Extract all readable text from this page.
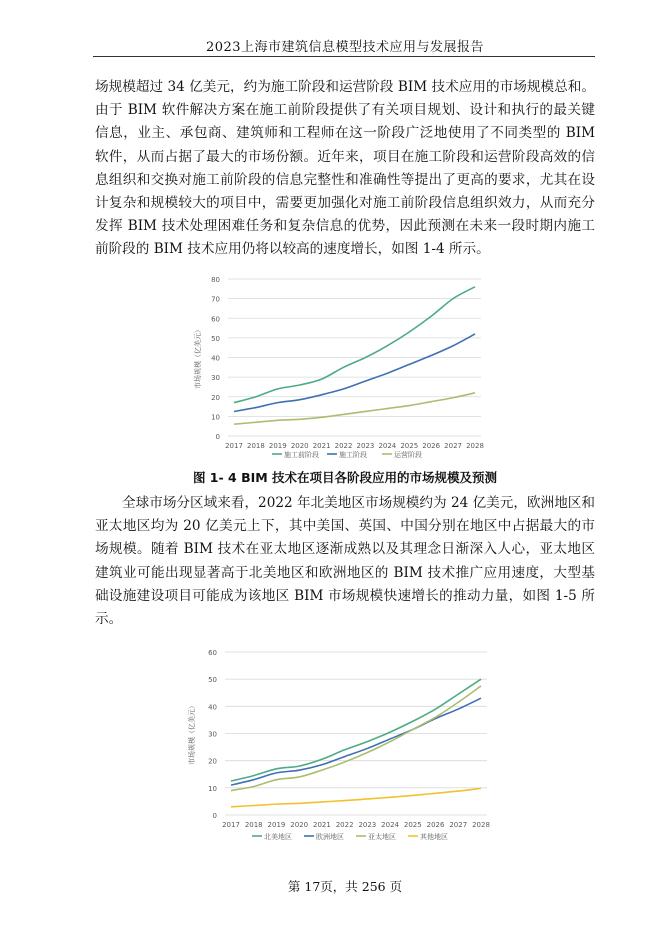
2023上海市建筑信息模型技术应用与发展报告

场规模超过 34 亿美元，约为施工阶段和运营阶段 BIM 技术应用的市场规模总和。由于 BIM 软件解决方案在施工前阶段提供了有关项目规划、设计和执行的最关键信息，业主、承包商、建筑师和工程师在这一阶段广泛地使用了不同类型的 BIM 软件，从而占据了最大的市场份额。近年来，项目在施工阶段和运营阶段高效的信息组织和交换对施工前阶段的信息完整性和准确性等提出了更高的要求，尤其在设计复杂和规模较大的项目中，需要更加强化对施工前阶段信息组织效力，从而充分发挥 BIM 技术处理困难任务和复杂信息的优势，因此预测在未来一段时期内施工前阶段的 BIM 技术应用仍将以较高的速度增长，如图 1-4 所示。

0
10
20
30
40
50
60
70
80
2017 2018 2019 2020 2021 2022 2023 2024 2025 2026 2027 2028
市场规模（亿美元）
施工前阶段	施工阶段	运营阶段
图 1- 4 BIM 技术在项目各阶段应用的市场规模及预测

全球市场分区域来看，2022 年北美地区市场规模约为 24 亿美元，欧洲地区和亚太地区均为 20 亿美元上下，其中美国、英国、中国分别在地区中占据最大的市场规模。随着 BIM 技术在亚太地区逐渐成熟以及其理念日渐深入人心，亚太地区建筑业可能出现显著高于北美地区和欧洲地区的 BIM 技术推广应用速度，大型基础设施建设项目可能成为该地区 BIM 市场规模快速增长的推动力量，如图 1-5 所示。

0
10
20
30
40
50
60
2017 2018 2019 2020 2021 2022 2023 2024 2025 2026 2027 2028
市场规模（亿美元）
北美地区	欧洲地区	亚太地区	其他地区
第 17页，共 256 页
